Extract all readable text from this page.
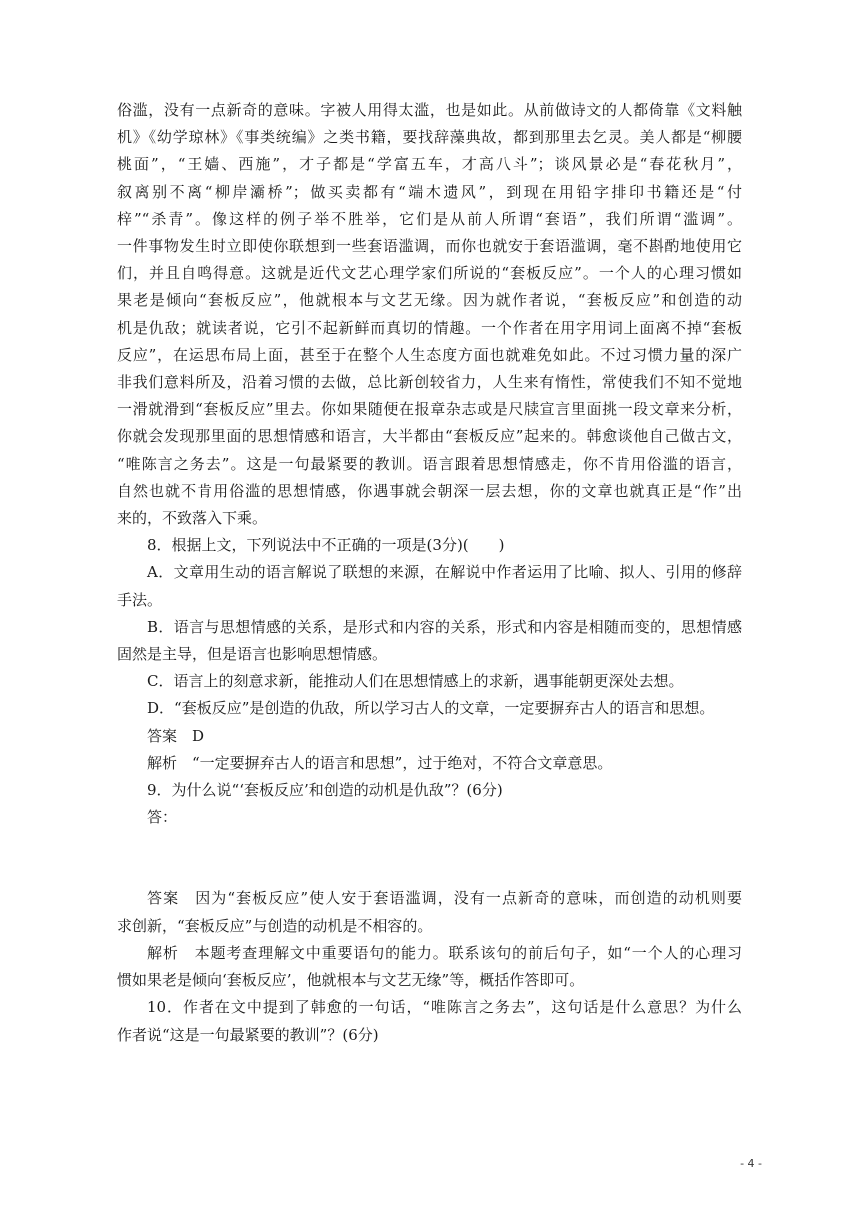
俗滥，没有一点新奇的意味。字被人用得太滥，也是如此。从前做诗文的人都倚靠《文料触
机》《幼学琼林》《事类统编》之类书籍，要找辞藻典故，都到那里去乞灵。美人都是“柳腰
桃面”，“王嫱、西施”，才子都是“学富五车，才高八斗”；谈风景必是“春花秋月”，
叙离别不离“柳岸灞桥”；做买卖都有“端木遗风”，到现在用铅字排印书籍还是“付
梓”“杀青”。像这样的例子举不胜举，它们是从前人所谓“套语”，我们所谓“滥调”。
一件事物发生时立即使你联想到一些套语滥调，而你也就安于套语滥调，毫不斟酌地使用它
们，并且自鸣得意。这就是近代文艺心理学家们所说的“套板反应”。一个人的心理习惯如
果老是倾向“套板反应”，他就根本与文艺无缘。因为就作者说，“套板反应”和创造的动
机是仇敌；就读者说，它引不起新鲜而真切的情趣。一个作者在用字用词上面离不掉“套板
反应”，在运思布局上面，甚至于在整个人生态度方面也就难免如此。不过习惯力量的深广
非我们意料所及，沿着习惯的去做，总比新创较省力，人生来有惰性，常使我们不知不觉地
一滑就滑到“套板反应”里去。你如果随便在报章杂志或是尺牍宣言里面挑一段文章来分析，
你就会发现那里面的思想情感和语言，大半都由“套板反应”起来的。韩愈谈他自己做古文，
“唯陈言之务去”。这是一句最紧要的教训。语言跟着思想情感走，你不肯用俗滥的语言，
自然也就不肯用俗滥的思想情感，你遇事就会朝深一层去想，你的文章也就真正是“作”出
来的，不致落入下乘。
8．根据上文，下列说法中不正确的一项是(3分)(　　)
A．文章用生动的语言解说了联想的来源，在解说中作者运用了比喻、拟人、引用的修辞
手法。
B．语言与思想情感的关系，是形式和内容的关系，形式和内容是相随而变的，思想情感
固然是主导，但是语言也影响思想情感。
C．语言上的刻意求新，能推动人们在思想情感上的求新，遇事能朝更深处去想。
D．“套板反应”是创造的仇敌，所以学习古人的文章，一定要摒弃古人的语言和思想。
答案　D
解析　“一定要摒弃古人的语言和思想”，过于绝对，不符合文章意思。
9．为什么说“‘套板反应’和创造的动机是仇敌”？(6分)
答：
答案　因为“套板反应”使人安于套语滥调，没有一点新奇的意味，而创造的动机则要
求创新，“套板反应”与创造的动机是不相容的。
解析　本题考查理解文中重要语句的能力。联系该句的前后句子，如“一个人的心理习
惯如果老是倾向‘套板反应’，他就根本与文艺无缘”等，概括作答即可。
10．作者在文中提到了韩愈的一句话，“唯陈言之务去”，这句话是什么意思？为什么
作者说“这是一句最紧要的教训”？(6分)
- 4 -
